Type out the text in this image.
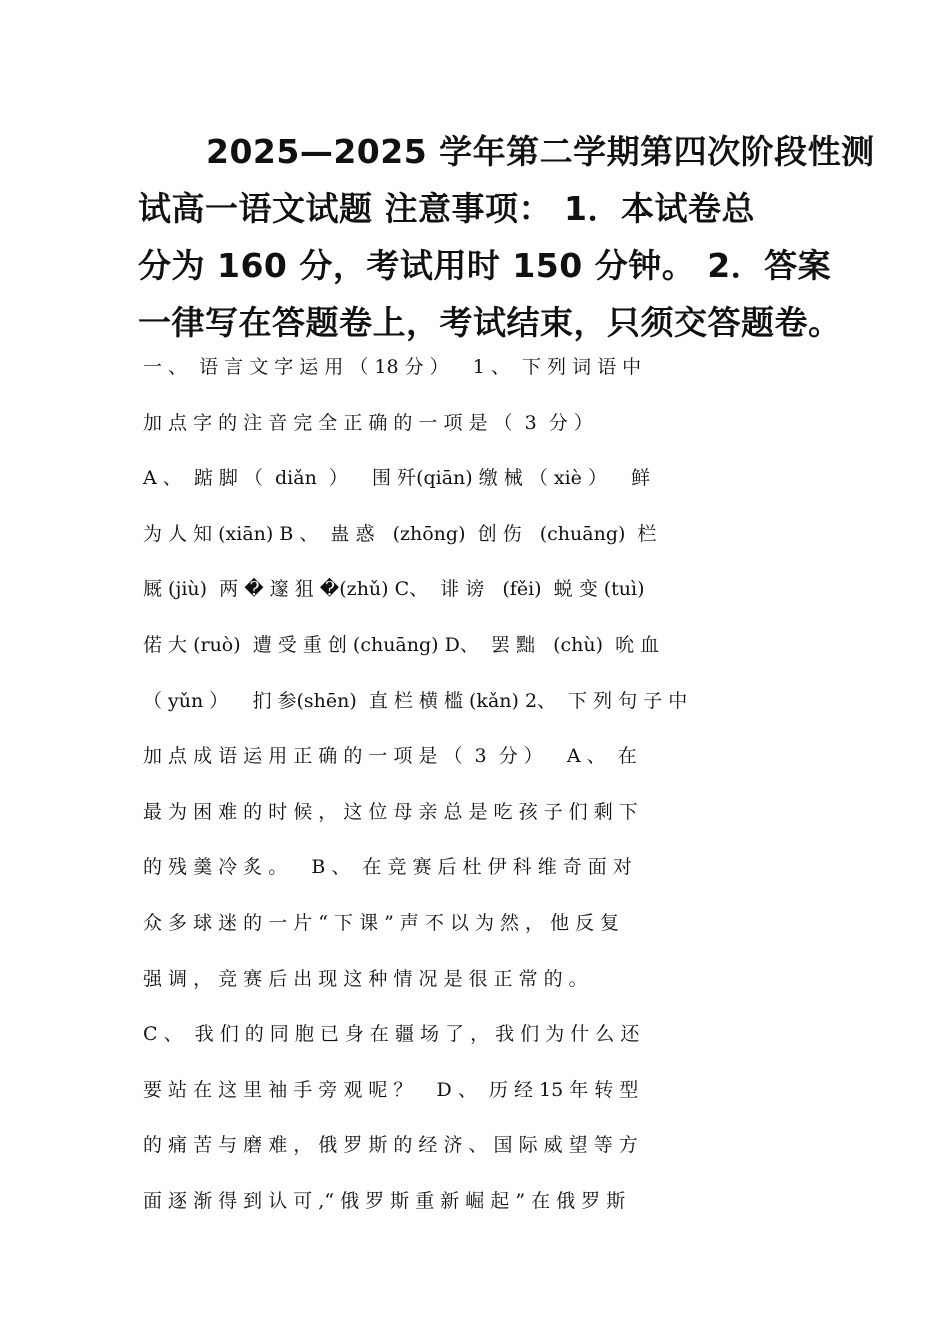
2025—2025 学年第二学期第四次阶段性测
试高一语文试题 注意事项： 1．本试卷总
分为 160 分，考试用时 150 分钟。 2．答案
一律写在答题卷上，考试结束，只须交答题卷。
一 、  语 言 文 字 运 用 （ 18 分 ）    1 、  下 列 词 语 中
加 点 字 的 注 音 完 全 正 确 的 一 项 是 （  3  分 ）
A 、  踮 脚 （  diǎn  ）    围 歼(qiān) 缴 械 （ xiè ）    鲜
为 人 知 (xiān) B 、  蛊 惑   (zhōng)  创 伤   (chuāng)  栏
厩 (jiù)  两 � 邃 狙 �(zhǔ) C、  诽 谤   (fěi)  蜕 变 (tuì)
偌 大 (ruò)  遭 受 重 创 (chuāng) D、  罢 黜   (chù)  吮 血
（ yǔn ）    扪 参(shēn)  直 栏 横 槛 (kǎn) 2、  下 列 句 子 中
加 点 成 语 运 用 正 确 的 一 项 是 （  3  分 ）    A 、  在
最 为 困 难 的 时 候 ， 这 位 母 亲 总 是 吃 孩 子 们 剩 下
的 残 羹 冷 炙 。    B 、  在 竞 赛 后 杜 伊 科 维 奇 面 对
众 多 球 迷 的 一 片 “ 下 课 ” 声 不 以 为 然 ， 他 反 复
强 调 ， 竞 赛 后 出 现 这 种 情 况 是 很 正 常 的 。
C 、  我 们 的 同 胞 已 身 在 疆 场 了 ， 我 们 为 什 么 还
要 站 在 这 里 袖 手 旁 观 呢 ？    D 、  历 经 15 年 转 型
的 痛 苦 与 磨 难 ， 俄 罗 斯 的 经 济 、 国 际 威 望 等 方
面 逐 渐 得 到 认 可 ,“ 俄 罗 斯 重 新 崛 起 ” 在 俄 罗 斯
